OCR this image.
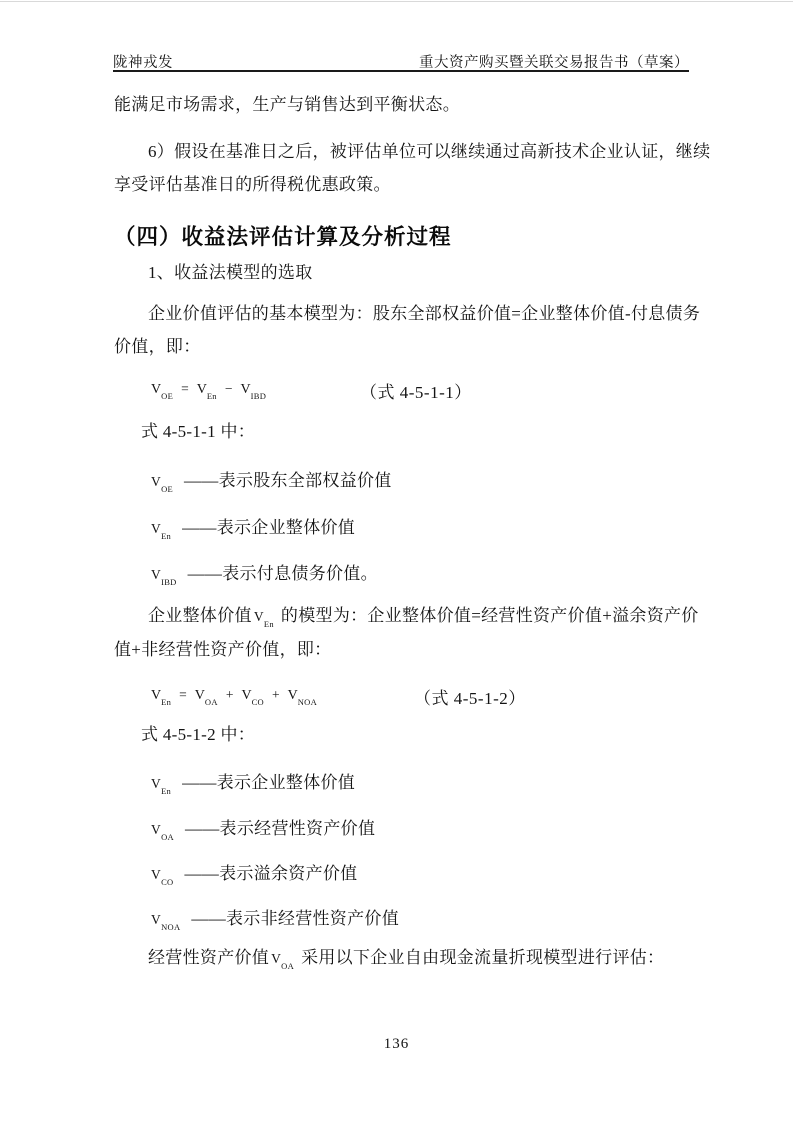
陇神戎发	重大资产购买暨关联交易报告书（草案）
能满足市场需求，生产与销售达到平衡状态。
6）假设在基准日之后，被评估单位可以继续通过高新技术企业认证，继续
享受评估基准日的所得税优惠政策。
（四）收益法评估计算及分析过程
1、收益法模型的选取
企业价值评估的基本模型为：股东全部权益价值=企业整体价值-付息债务
价值，即：
$V_{OE} = V_{En} - V_{IBD}$	（式 4-5-1-1）
式 4-5-1-1 中：
$V_{OE}$ ——表示股东全部权益价值
$V_{En}$ ——表示企业整体价值
$V_{IBD}$ ——表示付息债务价值。
企业整体价值 $V_{En}$ 的模型为：企业整体价值=经营性资产价值+溢余资产价
值+非经营性资产价值，即：
$V_{En} = V_{OA} + V_{CO} + V_{NOA}$	（式 4-5-1-2）
式 4-5-1-2 中：
$V_{En}$ ——表示企业整体价值
$V_{OA}$ ——表示经营性资产价值
$V_{CO}$ ——表示溢余资产价值
$V_{NOA}$ ——表示非经营性资产价值
经营性资产价值 $V_{OA}$ 采用以下企业自由现金流量折现模型进行评估：
136
